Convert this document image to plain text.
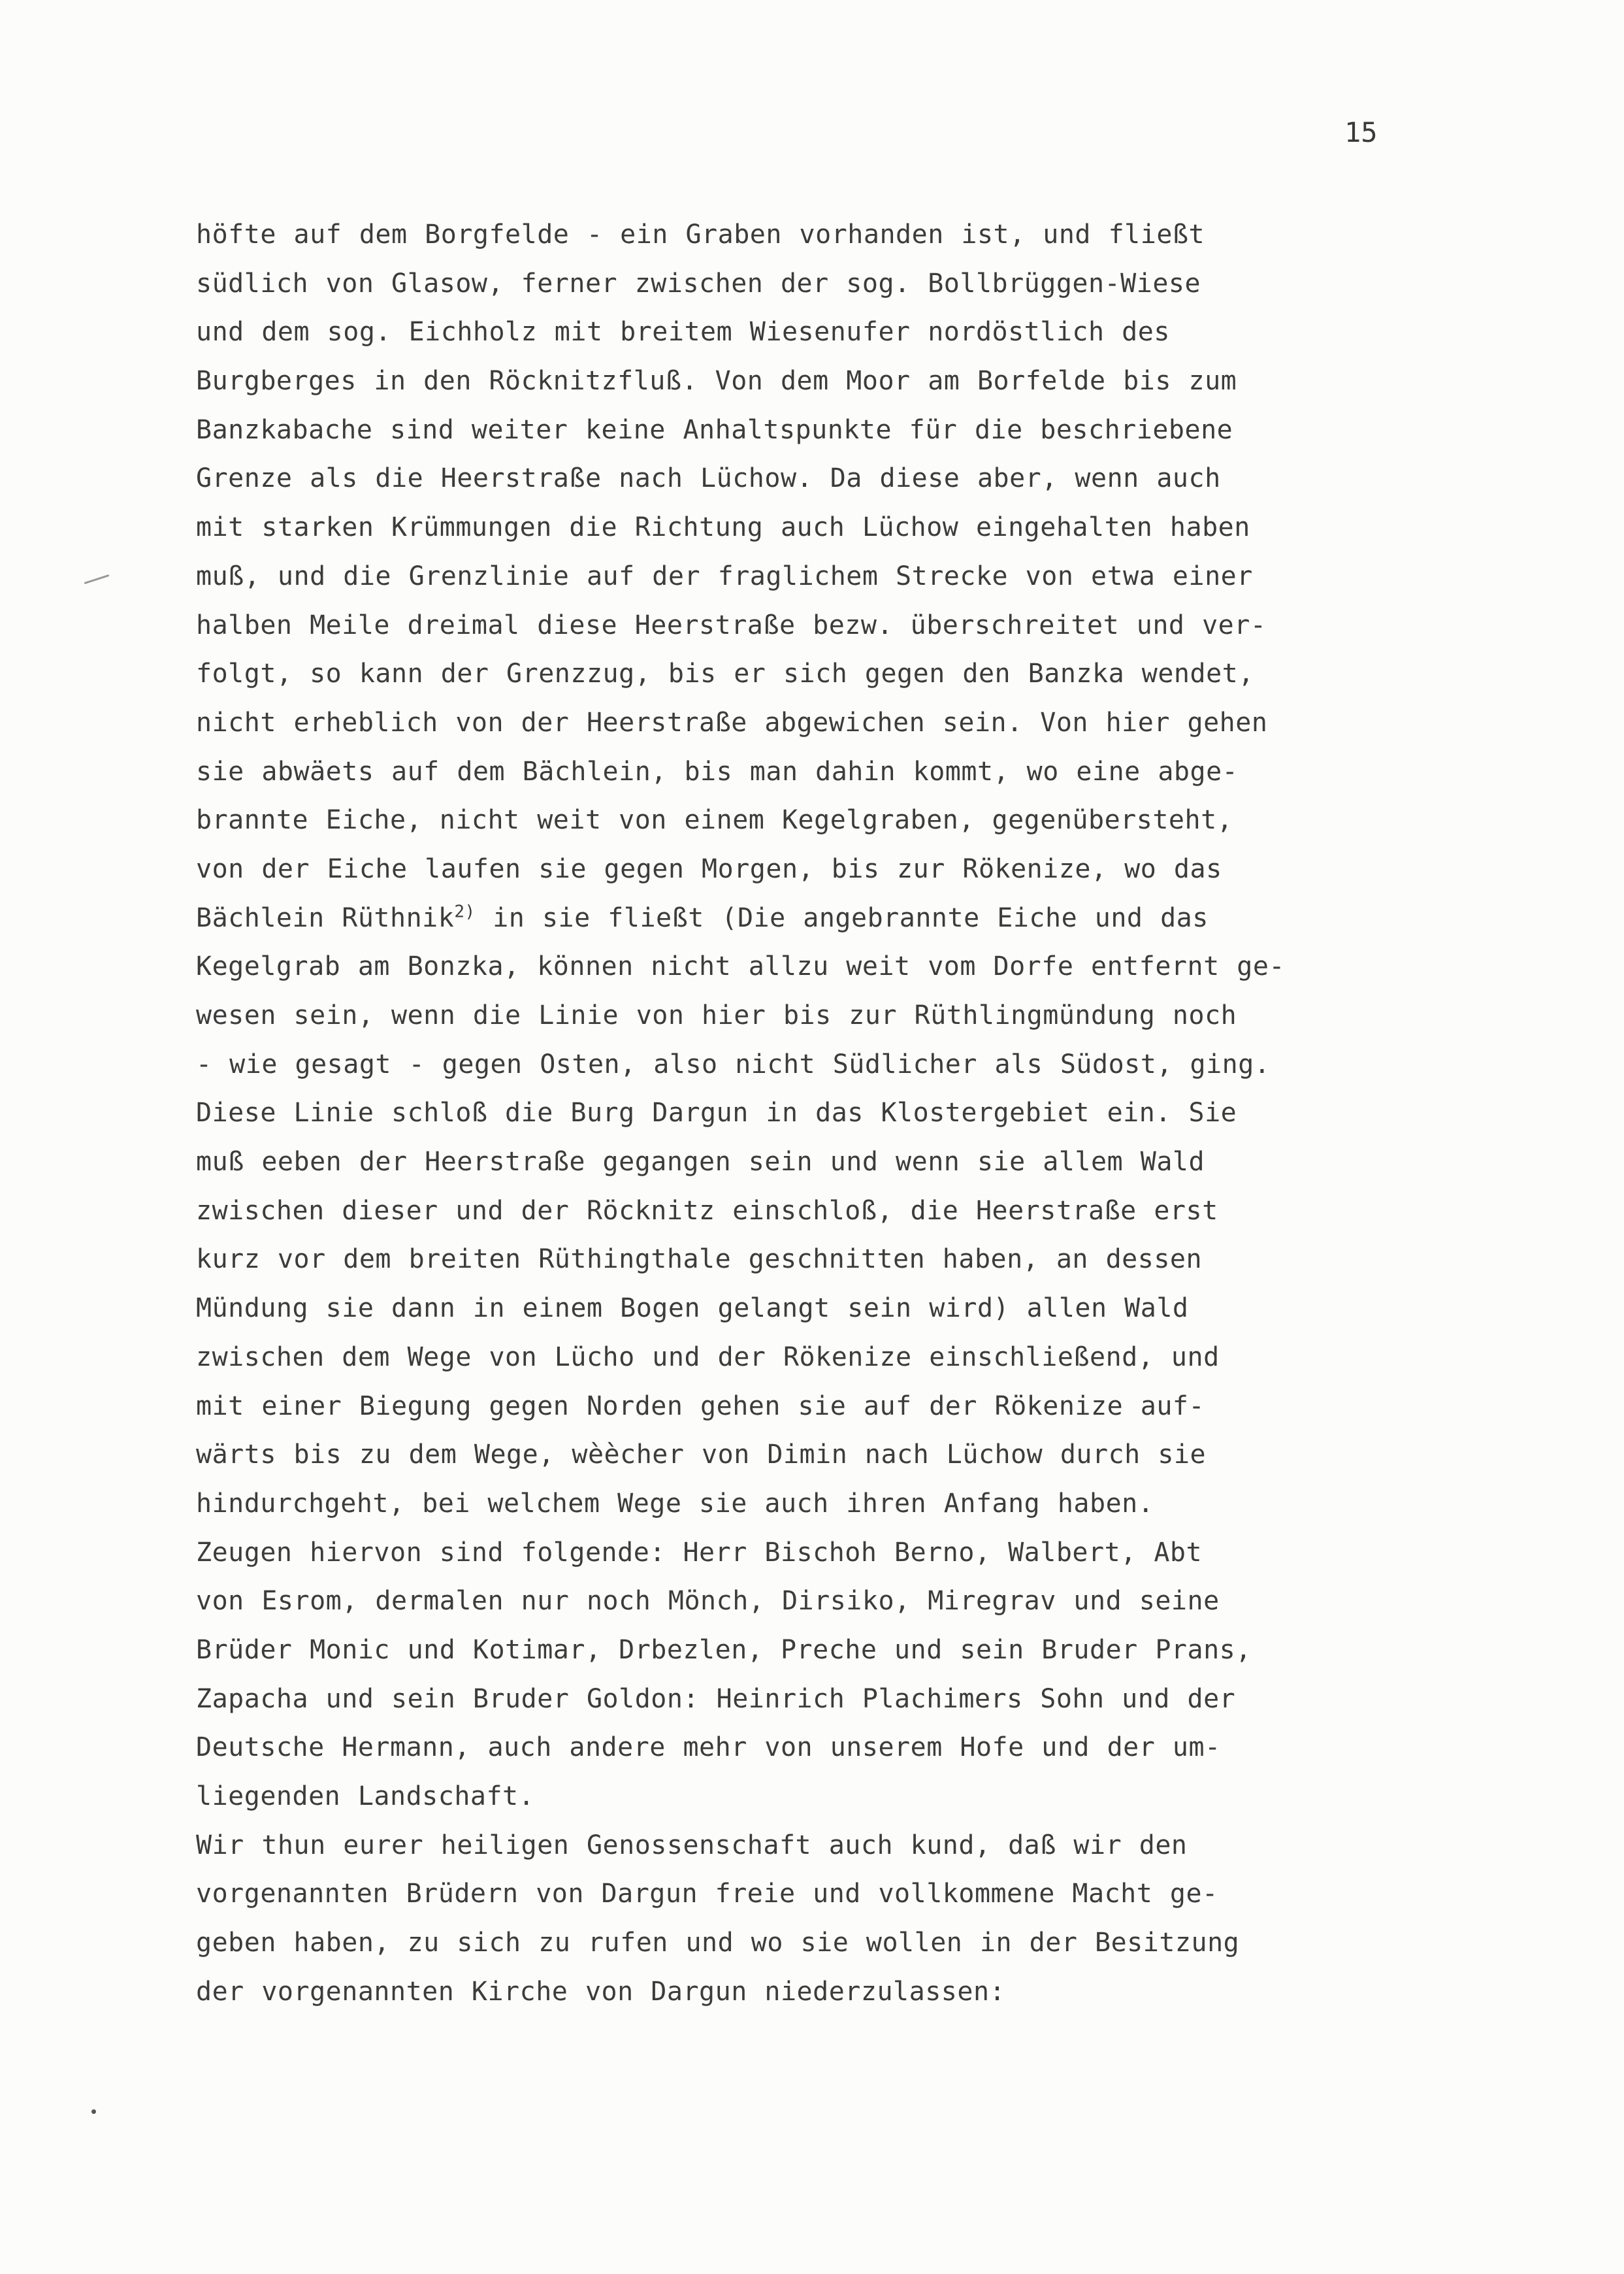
15

höfte auf dem Borgfelde - ein Graben vorhanden ist, und fließt
südlich von Glasow, ferner zwischen der sog. Bollbrüggen-Wiese
und dem sog. Eichholz mit breitem Wiesenufer nordöstlich des
Burgberges in den Röcknitzfluß. Von dem Moor am Borfelde bis zum
Banzkabache sind weiter keine Anhaltspunkte für die beschriebene
Grenze als die Heerstraße nach Lüchow. Da diese aber, wenn auch
mit starken Krümmungen die Richtung auch Lüchow eingehalten haben
muß, und die Grenzlinie auf der fraglichem Strecke von etwa einer
halben Meile dreimal diese Heerstraße bezw. überschreitet und ver-
folgt, so kann der Grenzzug, bis er sich gegen den Banzka wendet,
nicht erheblich von der Heerstraße abgewichen sein. Von hier gehen
sie abwäets auf dem Bächlein, bis man dahin kommt, wo eine abge-
brannte Eiche, nicht weit von einem Kegelgraben, gegenübersteht,
von der Eiche laufen sie gegen Morgen, bis zur Rökenize, wo das
Bächlein Rüthnik$^{2)}$ in sie fließt (Die angebrannte Eiche und das
Kegelgrab am Bonzka, können nicht allzu weit vom Dorfe entfernt ge-
wesen sein, wenn die Linie von hier bis zur Rüthlingmündung noch
- wie gesagt - gegen Osten, also nicht Südlicher als Südost, ging.
Diese Linie schloß die Burg Dargun in das Klostergebiet ein. Sie
muß eeben der Heerstraße gegangen sein und wenn sie allem Wald
zwischen dieser und der Röcknitz einschloß, die Heerstraße erst
kurz vor dem breiten Rüthingthale geschnitten haben, an dessen
Mündung sie dann in einem Bogen gelangt sein wird) allen Wald
zwischen dem Wege von Lücho und der Rökenize einschließend, und
mit einer Biegung gegen Norden gehen sie auf der Rökenize auf-
wärts bis zu dem Wege, wèècher von Dimin nach Lüchow durch sie
hindurchgeht, bei welchem Wege sie auch ihren Anfang haben.
Zeugen hiervon sind folgende: Herr Bischoh Berno, Walbert, Abt
von Esrom, dermalen nur noch Mönch, Dirsiko, Miregrav und seine
Brüder Monic und Kotimar, Drbezlen, Preche und sein Bruder Prans,
Zapacha und sein Bruder Goldon: Heinrich Plachimers Sohn und der
Deutsche Hermann, auch andere mehr von unserem Hofe und der um-
liegenden Landschaft.
Wir thun eurer heiligen Genossenschaft auch kund, daß wir den
vorgenannten Brüdern von Dargun freie und vollkommene Macht ge-
geben haben, zu sich zu rufen und wo sie wollen in der Besitzung
der vorgenannten Kirche von Dargun niederzulassen:
